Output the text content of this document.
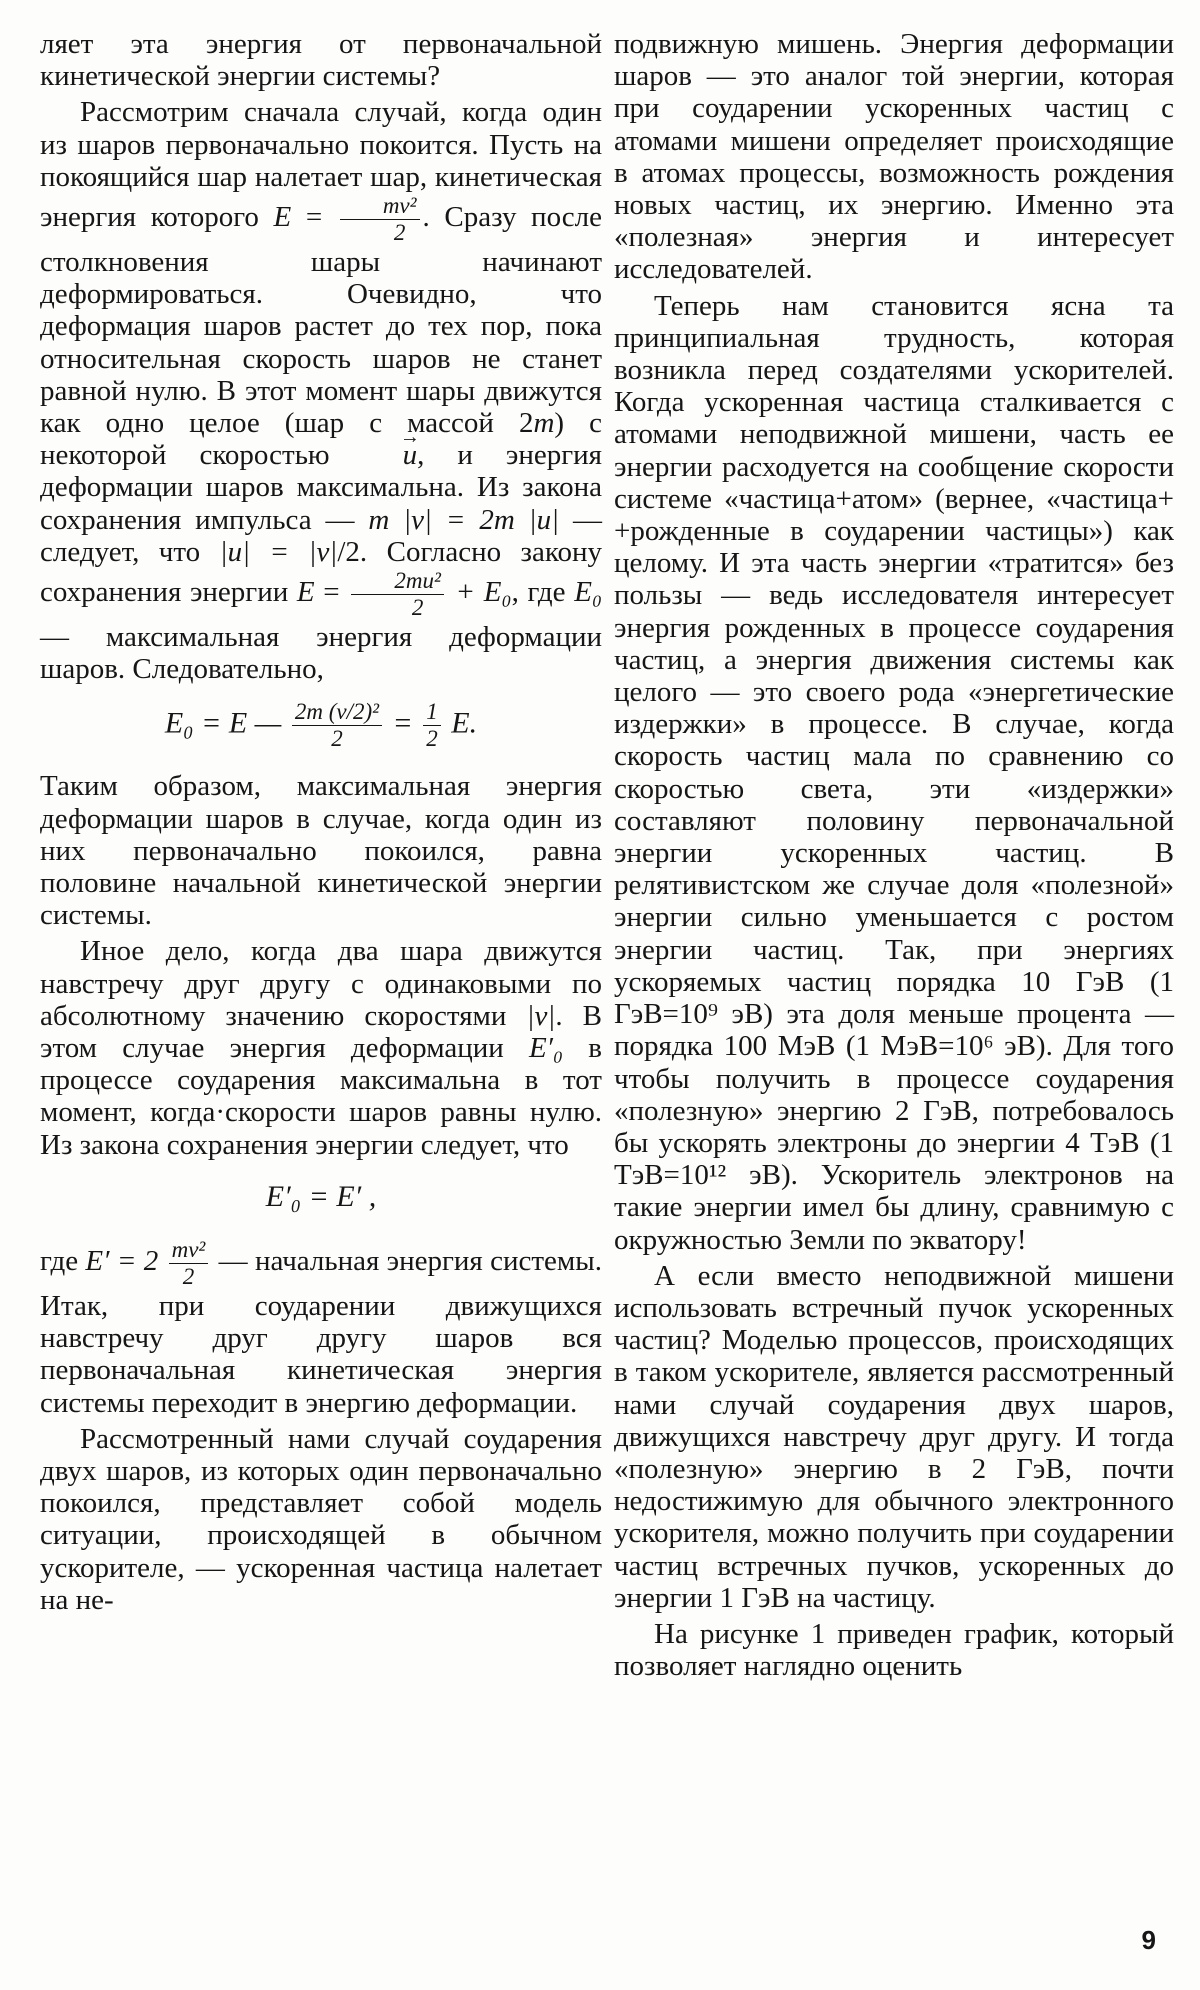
ляет эта энергия от первоначальной кинетической энергии системы?

Рассмотрим сначала случай, когда один из шаров первоначально покоится. Пусть на покоящийся шар налетает шар, кинетическая энергия которого $E = \frac{\text{mv²}}{2}$ . Сразу после столкновения шары начинают деформироваться. Очевидно, что деформация шаров растет до тех пор, пока относительная скорость шаров не станет равной нулю. В этот момент шары движутся как одно целое (шар с массой 2m) с некоторой скоростью →	u, и энергия деформации шаров максимальна. Из закона сохранения импульса — m |v| = 2m |u| — следует, что |u| = |v|/2. Согласно закону сохранения энергии $E = \frac{\text{2mu²}}{2} + E_0$, где E₀ — максимальная энергия деформации шаров. Следовательно,

E₀ = E — $\frac{\text{2m (v/2)²}}{2} = \frac{1}{2} E$.

Таким образом, максимальная энергия деформации шаров в случае, когда один из них первоначально покоился, равна половине начальной кинетической энергии системы.

Иное дело, когда два шара движутся навстречу друг другу с одинаковыми по абсолютному значению скоростями |v|. В этом случае энергия деформации E′₀ в процессе соударения максимальна в тот момент, когда·скорости шаров равны нулю. Из закона сохранения энергии следует, что

E′₀ = E′ ,

где $E' = 2 \frac{\text{mv²}}{2}$ — начальная энергия системы. Итак, при соударении движущихся навстречу друг другу шаров вся первоначальная кинетическая энергия системы переходит в энергию деформации.

Рассмотренный нами случай соударения двух шаров, из которых один первоначально покоился, представляет собой модель ситуации, происходящей в обычном ускорителе, — ускоренная частица налетает на не-

подвижную мишень. Энергия деформации шаров — это аналог той энергии, которая при соударении ускоренных частиц с атомами мишени определяет происходящие в атомах процессы, возможность рождения новых частиц, их энергию. Именно эта «полезная» энергия и интересует исследователей.

Теперь нам становится ясна та принципиальная трудность, которая возникла перед создателями ускорителей. Когда ускоренная частица сталкивается с атомами неподвижной мишени, часть ее энергии расходуется на сообщение скорости системе «частица+атом» (вернее, «частица+ +рожденные в соударении частицы») как целому. И эта часть энергии «тратится» без пользы — ведь исследователя интересует энергия рожденных в процессе соударения частиц, а энергия движения системы как целого — это своего рода «энергетические издержки» в процессе. В случае, когда скорость частиц мала по сравнению со скоростью света, эти «издержки» составляют половину первоначальной энергии ускоренных частиц. В релятивистском же случае доля «полезной» энергии сильно уменьшается с ростом энергии частиц. Так, при энергиях ускоряемых частиц порядка 10 ГэВ (1 ГэВ=10⁹ эВ) эта доля меньше процента — порядка 100 МэВ (1 МэВ=10⁶ эВ). Для того чтобы получить в процессе соударения «полезную» энергию 2 ГэВ, потребовалось бы ускорять электроны до энергии 4 ТэВ (1 ТэВ=10¹² эВ). Ускоритель электронов на такие энергии имел бы длину, сравнимую с окружностью Земли по экватору!

А если вместо неподвижной мишени использовать встречный пучок ускоренных частиц? Моделью процессов, происходящих в таком ускорителе, является рассмотренный нами случай соударения двух шаров, движущихся навстречу друг другу. И тогда «полезную» энергию в 2 ГэВ, почти недостижимую для обычного электронного ускорителя, можно получить при соударении частиц встречных пучков, ускоренных до энергии 1 ГэВ на частицу.

На рисунке 1 приведен график, который позволяет наглядно оценить

9
